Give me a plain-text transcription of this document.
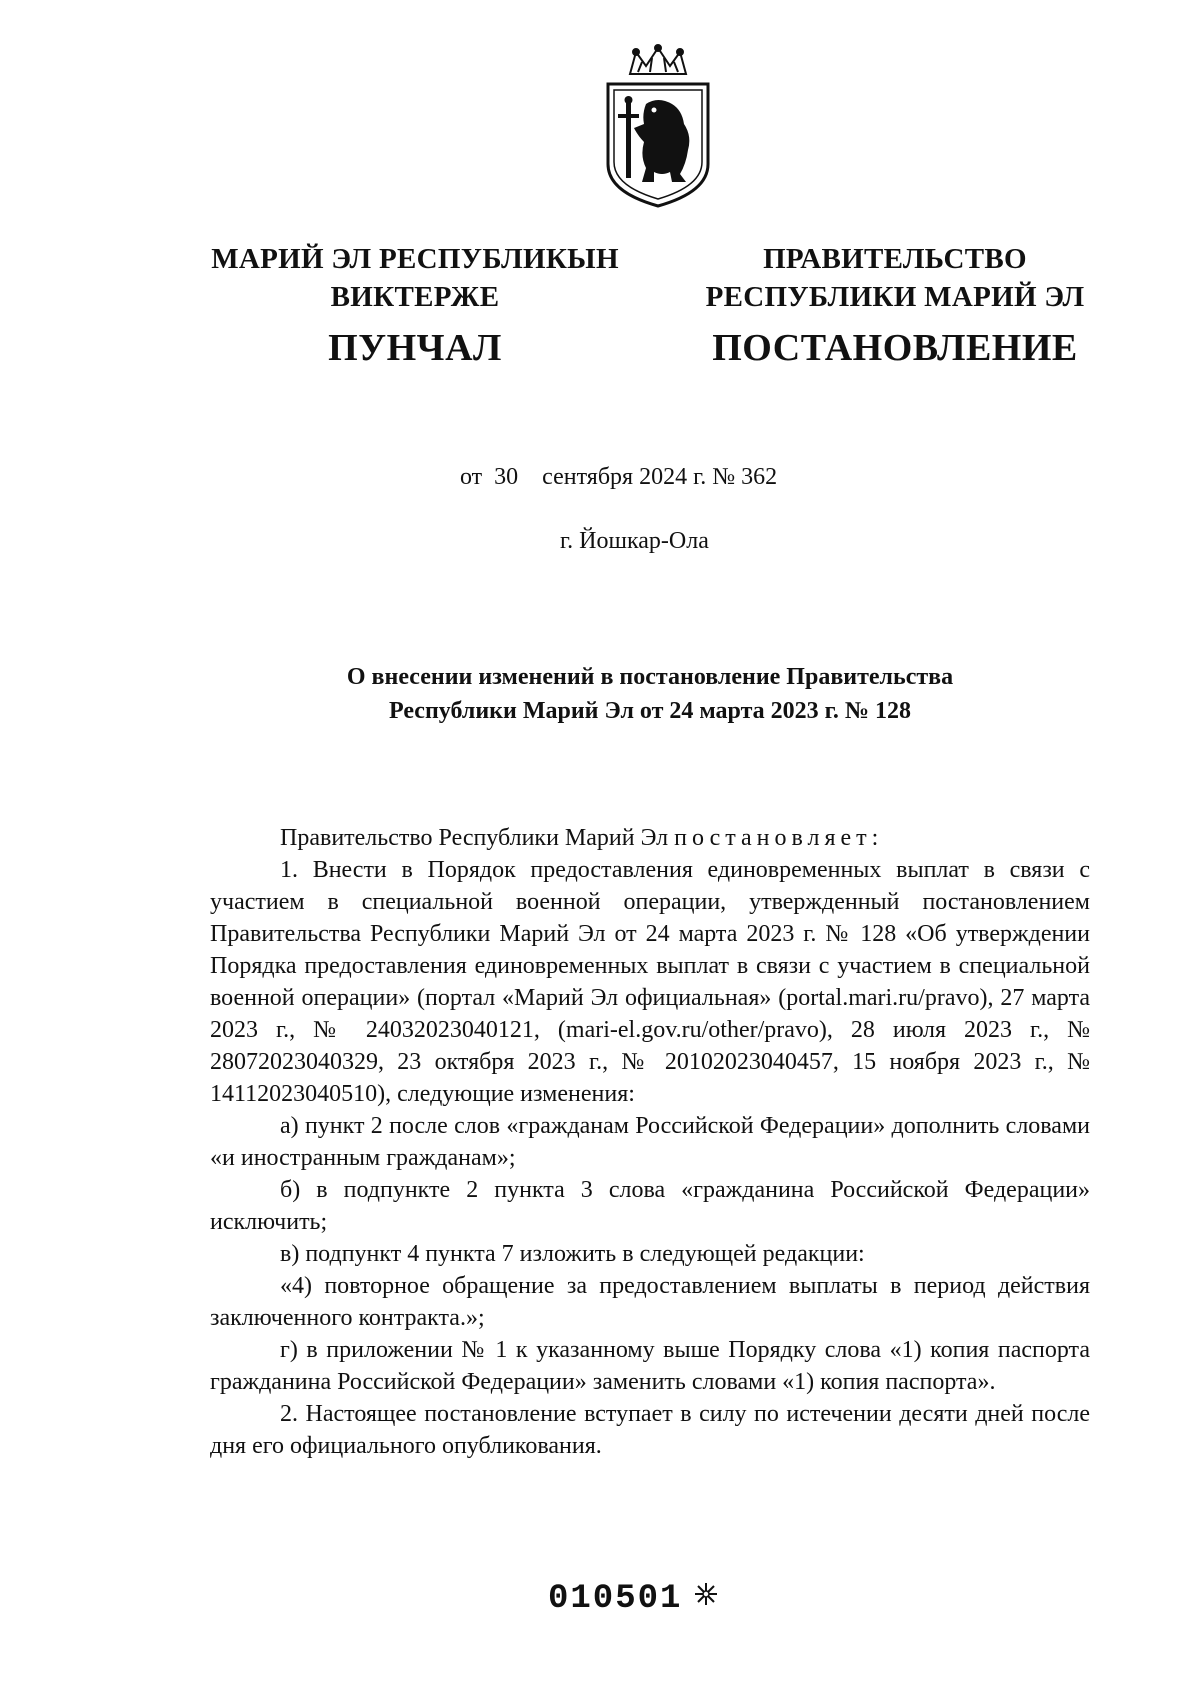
МАРИЙ ЭЛ РЕСПУБЛИКЫН
ВИКТЕРЖЕ
ПУНЧАЛ
ПРАВИТЕЛЬСТВО
РЕСПУБЛИКИ МАРИЙ ЭЛ
ПОСТАНОВЛЕНИЕ
от  30    сентября 2024 г. № 362
г. Йошкар-Ола
О внесении изменений в постановление Правительства
Республики Марий Эл от 24 марта 2023 г. № 128

Правительство Республики Марий Эл постановляет:

1. Внести в Порядок предоставления единовременных выплат в связи с участием в специальной военной операции, утвержденный постановлением Правительства Республики Марий Эл от 24 марта 2023 г. № 128 «Об утверждении Порядка предоставления единовременных выплат в связи с участием в специальной военной операции» (портал «Марий Эл официальная» (portal.mari.ru/pravo), 27 марта 2023 г., № 24032023040121, (mari-el.gov.ru/other/pravo), 28 июля 2023 г., № 28072023040329, 23 октября 2023 г., № 20102023040457, 15 ноября 2023 г., № 14112023040510), следующие изменения:

а) пункт 2 после слов «гражданам Российской Федерации» дополнить словами «и иностранным гражданам»;

б) в подпункте 2 пункта 3 слова «гражданина Российской Федерации» исключить;

в) подпункт 4 пункта 7 изложить в следующей редакции:

«4) повторное обращение за предоставлением выплаты в период действия заключенного контракта.»;

г) в приложении № 1 к указанному выше Порядку слова «1) копия паспорта гражданина Российской Федерации» заменить словами «1) копия паспорта».

2. Настоящее постановление вступает в силу по истечении десяти дней после дня его официального опубликования.

010501
